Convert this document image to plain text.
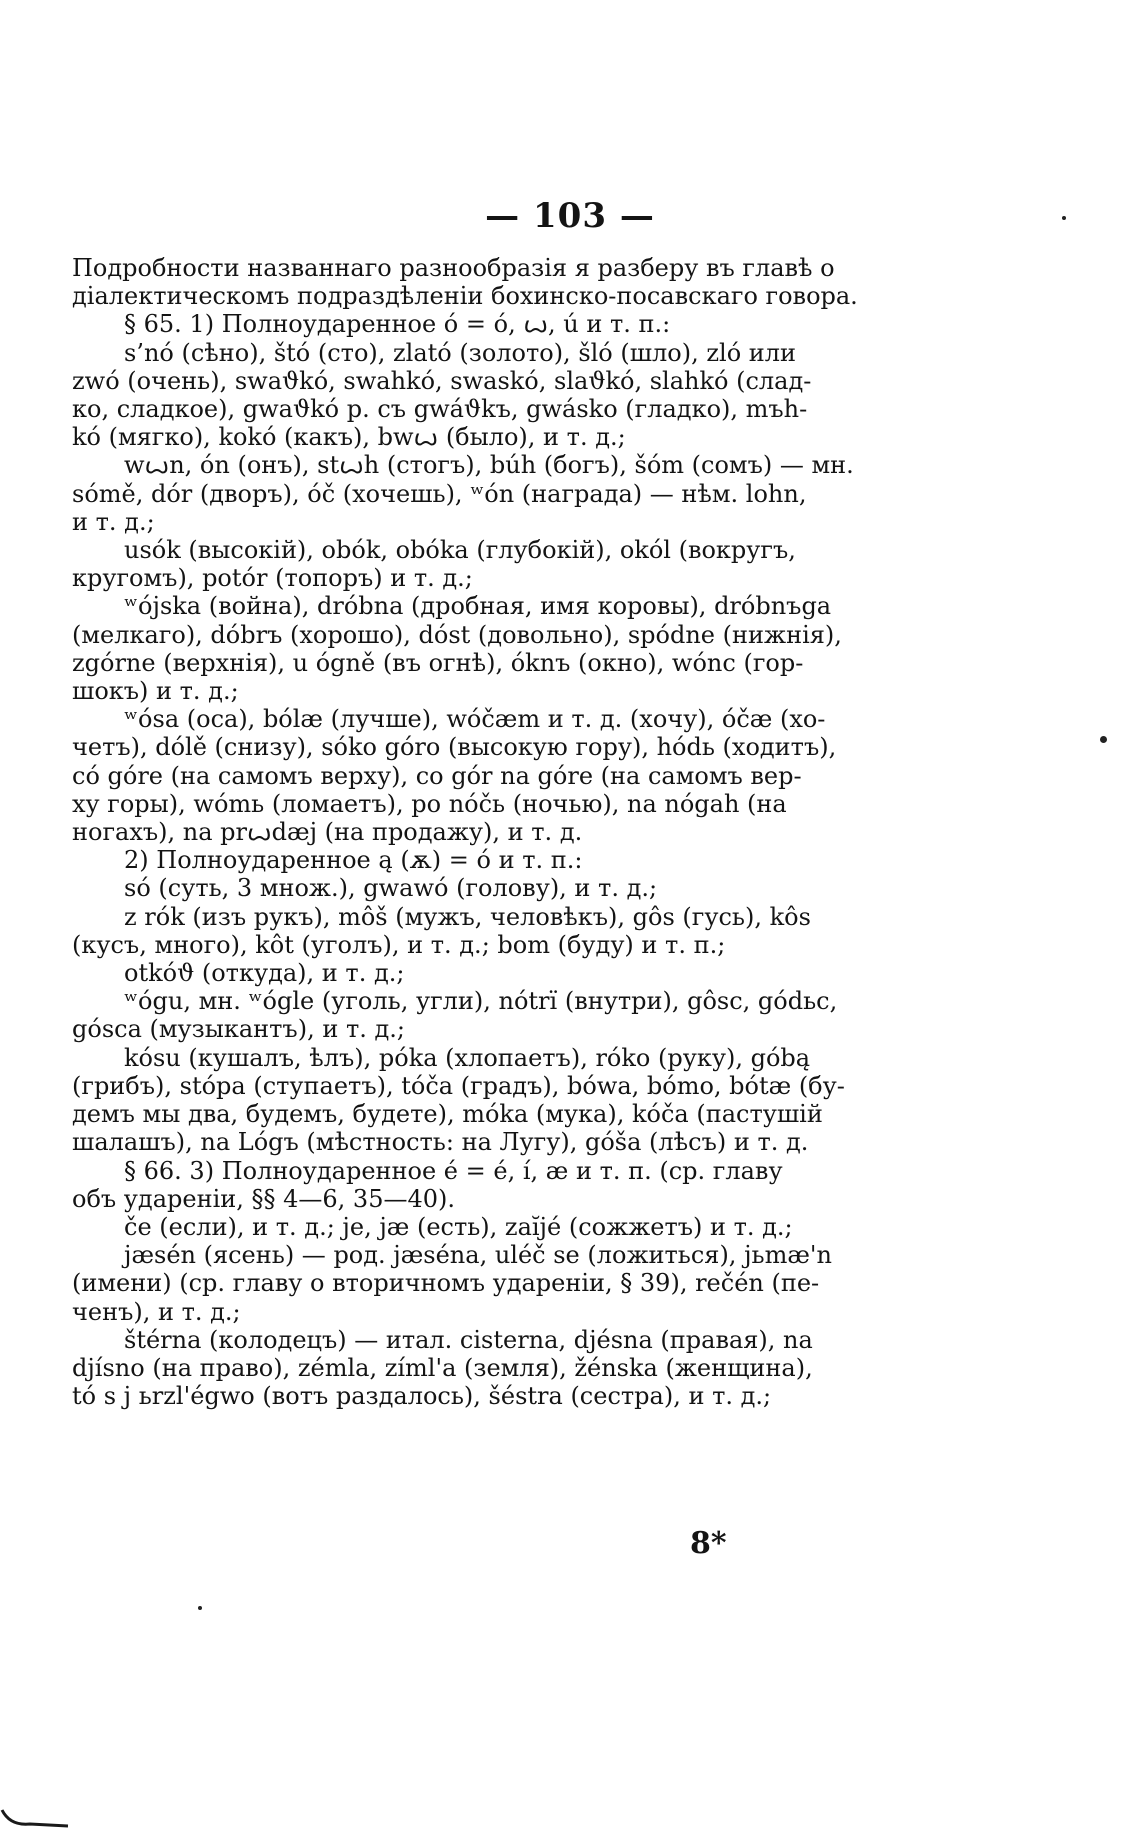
— 103 —
Подробности названнаго разнообразія я разберу въ главѣ о
діалектическомъ подраздѣленіи бохинско-посавскаго говора.
§ 65. 1) Полноударенное ó = ó, ꙍ, ú и т. п.:
s’nó (сѣно), štó (сто), zlató (золото), šló (шло), zló или
zwó (очень), swaϑkó, swahkó, swaskó, slaϑkó, slahkó (слад-
ко, сладкое), gwaϑkó р. съ gwáϑkъ, gwásko (гладко), mъh-
kó (мягко), kokó (какъ), bwꙍ (было), и т. д.;
wꙍn, ón (онъ), stꙍh (стогъ), búh (богъ), šóm (сомъ) — мн.
sómě, dór (дворъ), óč (хочешь), ʷón (награда) — нѣм. lohn,
и т. д.;
usók (высокій), obók, obóka (глубокій), okól (вокругъ,
кругомъ), potór (топоръ) и т. д.;
ʷójska (война), dróbna (дробная, имя коровы), dróbnъga
(мелкаго), dóbrъ (хорошо), dóst (довольно), spódne (нижнія),
zgórne (верхнія), u ógně (въ огнѣ), óknъ (окно), wónc (гор-
шокъ) и т. д.;
ʷósa (оса), bólæ (лучше), wóčæm и т. д. (хочу), óčæ (хо-
четъ), dólě (снизу), sóko góro (высокую гору), hódь (ходитъ),
có góre (на самомъ верху), co gór na góre (на самомъ вер-
ху горы), wómь (ломаетъ), po nóčь (ночью), na nógah (на
ногахъ), na prꙍdæj (на продажу), и т. д.
2) Полноударенное ą (ѫ) = ó и т. п.:
só (суть, 3 множ.), gwawó (голову), и т. д.;
z rók (изъ рукъ), môš (мужъ, человѣкъ), gôs (гусь), kôs
(кусъ, много), kôt (уголъ), и т. д.; bom (буду) и т. п.;
otkóϑ (откуда), и т. д.;
ʷógu, мн. ʷógle (уголь, угли), nótrї (внутри), gôsc, gódьc,
gósca (музыкантъ), и т. д.;
kósu (кушалъ, ѣлъ), póka (хлопаетъ), róko (руку), góbą
(грибъ), stópa (ступаетъ), tóča (градъ), bówa, bómo, bótæ (бу-
демъ мы два, будемъ, будете), móka (мука), kóča (пастушій
шалашъ), na Lógъ (мѣстность: на Лугу), góša (лѣсъ) и т. д.
§ 66. 3) Полноударенное é = é, í, æ и т. п. (ср. главу
объ удареніи, §§ 4—6, 35—40).
če (если), и т. д.; je, jæ (есть), zaĭjé (сожжетъ) и т. д.;
jæsén (ясень) — род. jæséna, uléč se (ложиться), jьmæ'n
(имени) (ср. главу о вторичномъ удареніи, § 39), rečén (пе-
ченъ), и т. д.;
štérna (колодецъ) — итал. cisterna, djésna (правая), na
djísno (на право), zémla, zíml'a (земля), žénska (женщина),
tó s j ьrzl'égwo (вотъ раздалось), šéstra (сестра), и т. д.;
8*
